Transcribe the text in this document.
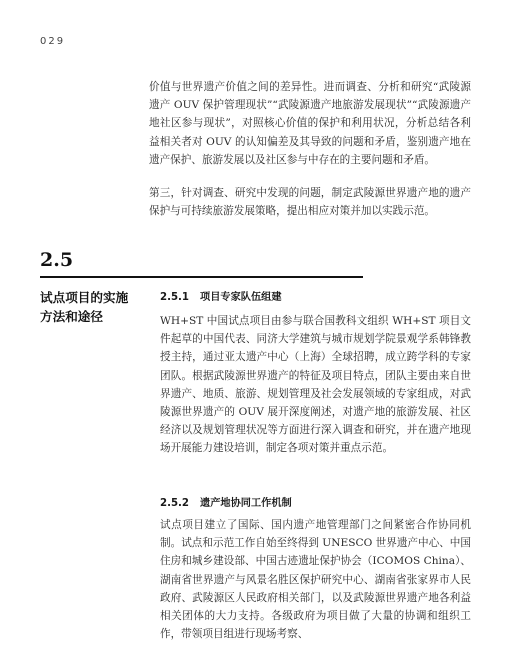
029

价值与世界遗产价值之间的差异性。进而调查、分析和研究“武陵源遗产 OUV 保护管理现状”“武陵源遗产地旅游发展现状”“武陵源遗产地社区参与现状”，对照核心价值的保护和利用状况，分析总结各利益相关者对 OUV 的认知偏差及其导致的问题和矛盾，鉴别遗产地在遗产保护、旅游发展以及社区参与中存在的主要问题和矛盾。

第三，针对调查、研究中发现的问题，制定武陵源世界遗产地的遗产保护与可持续旅游发展策略，提出相应对策并加以实践示范。

2.5

试点项目的实施方法和途径

2.5.1 项目专家队伍组建

WH+ST 中国试点项目由参与联合国教科文组织 WH+ST 项目文件起草的中国代表、同济大学建筑与城市规划学院景观学系韩锋教授主持，通过亚太遗产中心（上海）全球招聘，成立跨学科的专家团队。根据武陵源世界遗产的特征及项目特点，团队主要由来自世界遗产、地质、旅游、规划管理及社会发展领域的专家组成，对武陵源世界遗产的 OUV 展开深度阐述，对遗产地的旅游发展、社区经济以及规划管理状况等方面进行深入调查和研究，并在遗产地现场开展能力建设培训，制定各项对策并重点示范。

2.5.2 遗产地协同工作机制

试点项目建立了国际、国内遗产地管理部门之间紧密合作协同机制。试点和示范工作自始至终得到 UNESCO 世界遗产中心、中国住房和城乡建设部、中国古迹遗址保护协会（ICOMOS China）、湖南省世界遗产与风景名胜区保护研究中心、湖南省张家界市人民政府、武陵源区人民政府相关部门，以及武陵源世界遗产地各利益相关团体的大力支持。各级政府为项目做了大量的协调和组织工作，带领项目组进行现场考察、
